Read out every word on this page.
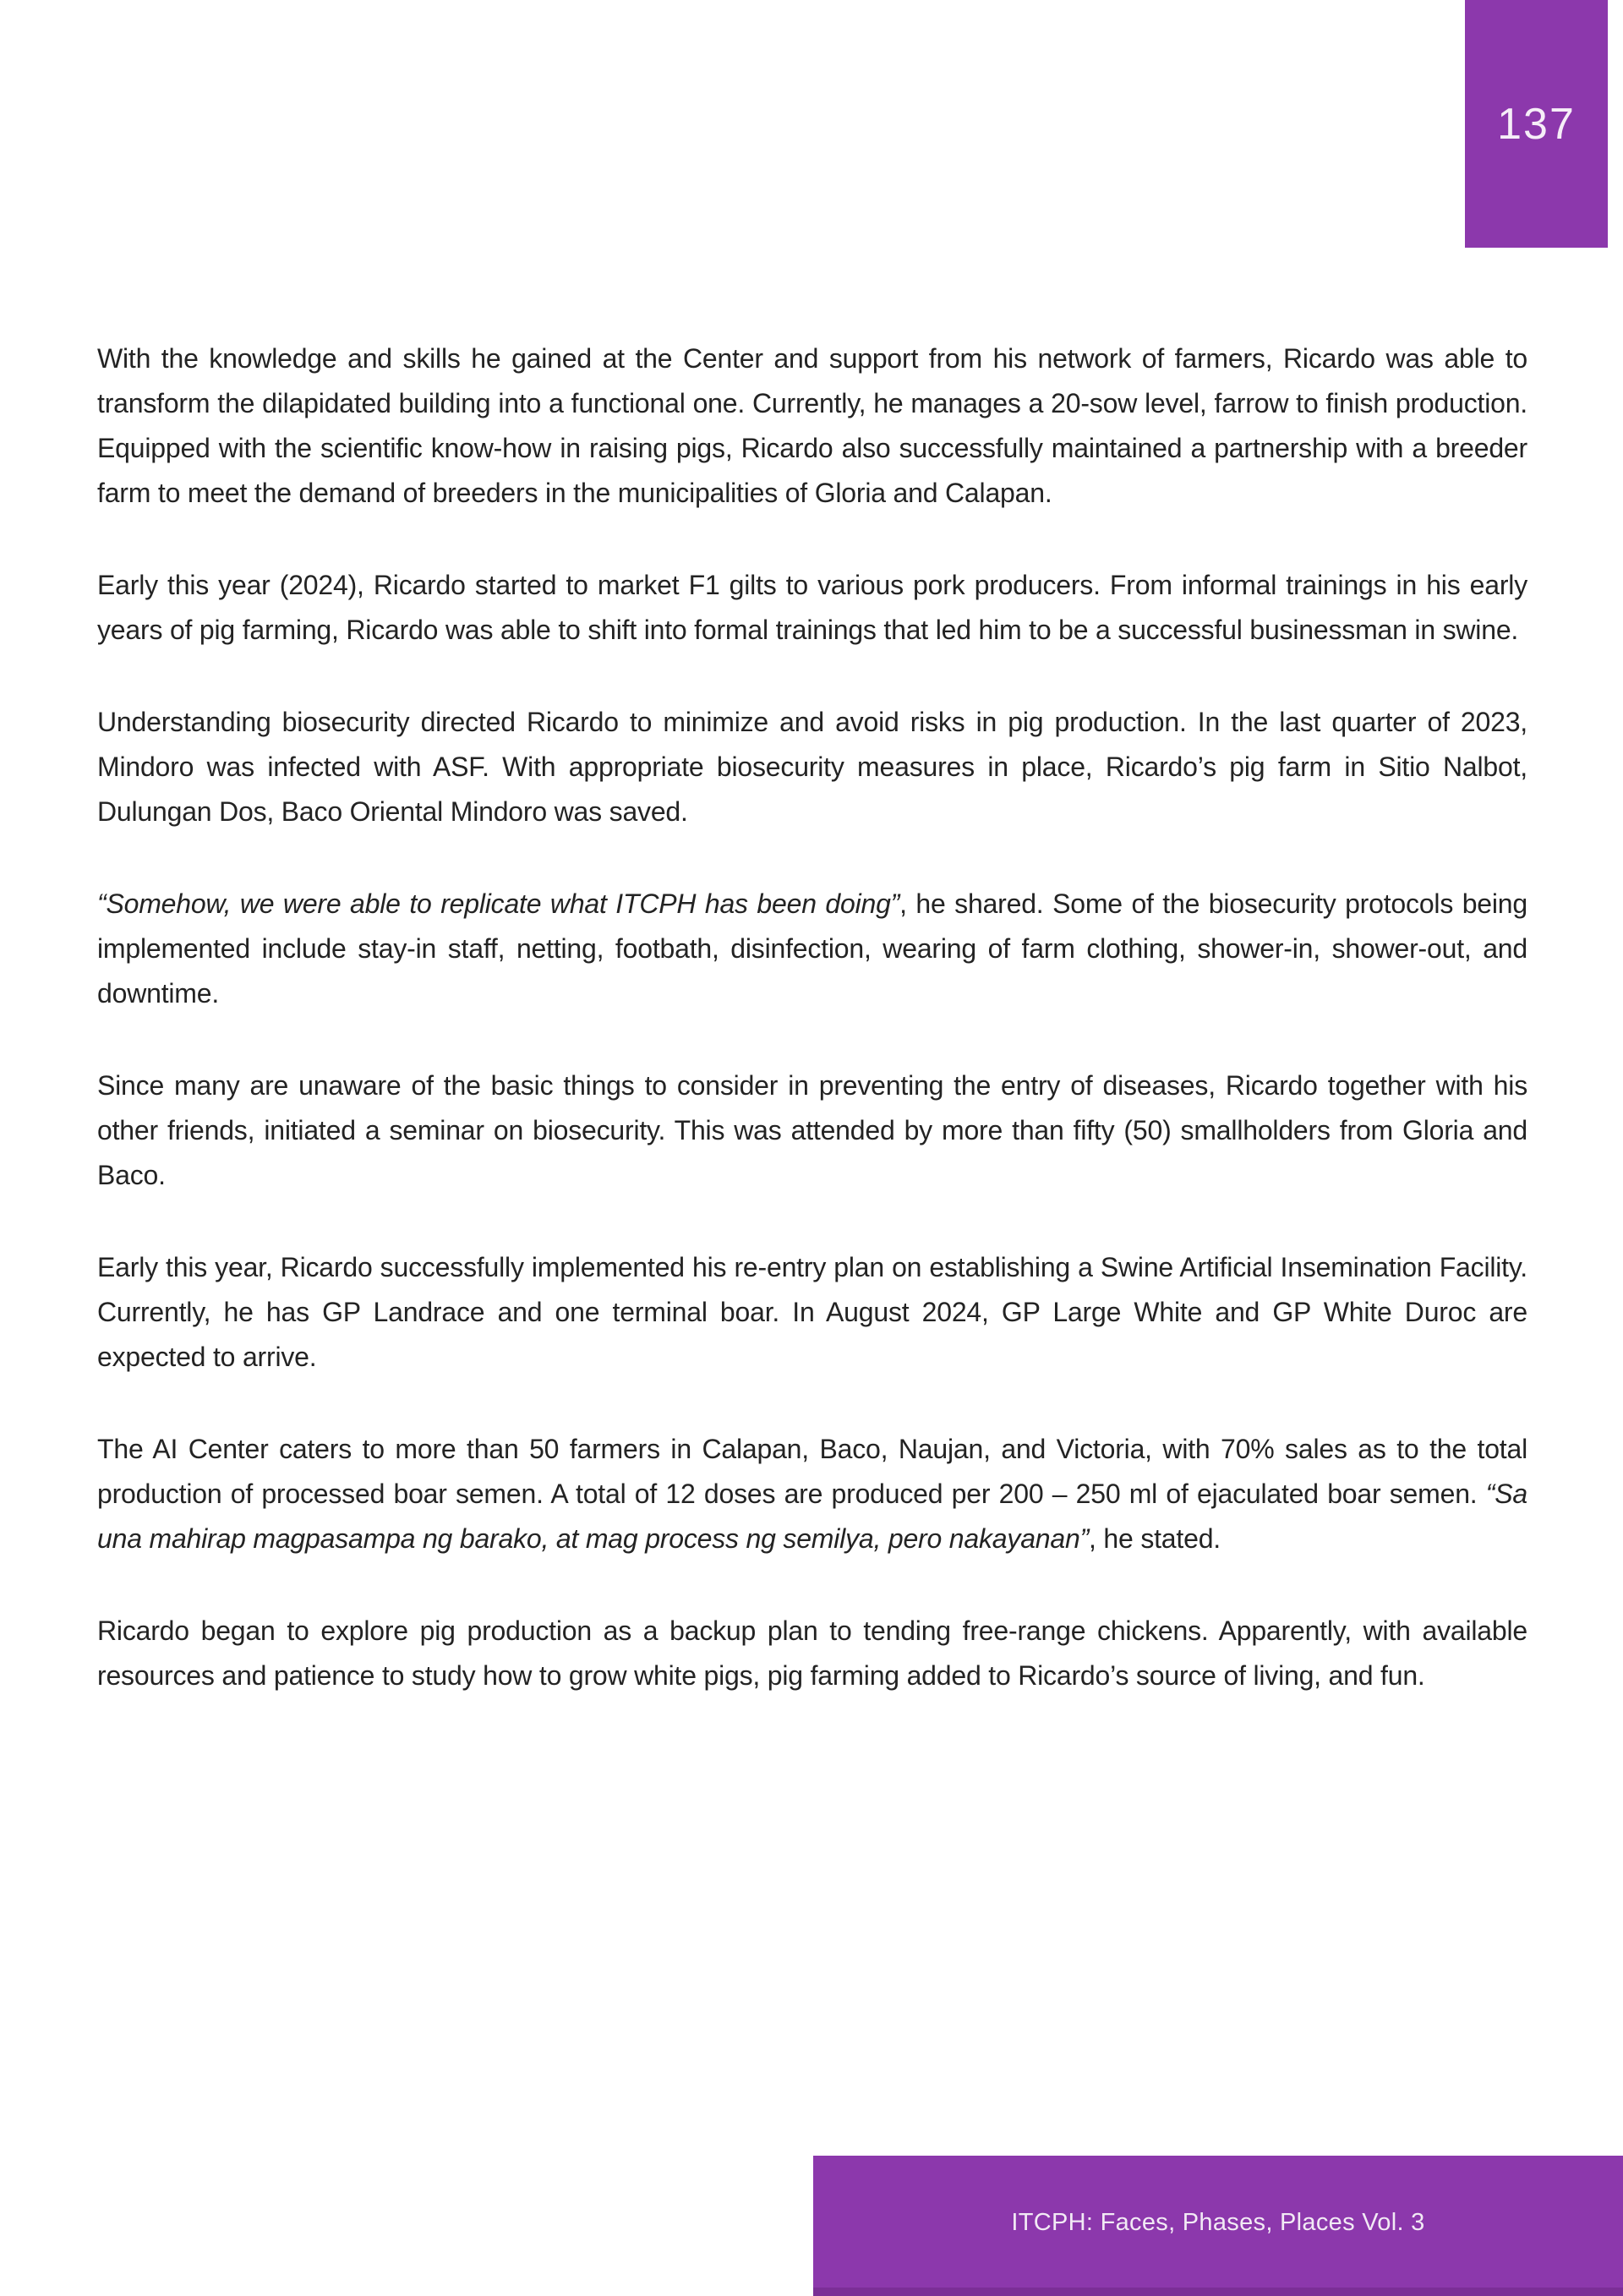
137

With the knowledge and skills he gained at the Center and support from his network of farmers, Ricardo was able to transform the dilapidated building into a functional one. Currently, he manages a 20-sow level, farrow to finish production. Equipped with the scientific know-how in raising pigs, Ricardo also successfully maintained a partnership with a breeder farm to meet the demand of breeders in the municipalities of Gloria and Calapan.

Early this year (2024), Ricardo started to market F1 gilts to various pork producers. From informal trainings in his early years of pig farming, Ricardo was able to shift into formal trainings that led him to be a successful businessman in swine.

Understanding biosecurity directed Ricardo to minimize and avoid risks in pig production. In the last quarter of 2023, Mindoro was infected with ASF. With appropriate biosecurity measures in place, Ricardo’s pig farm in Sitio Nalbot, Dulungan Dos, Baco Oriental Mindoro was saved.

“Somehow, we were able to replicate what ITCPH has been doing”, he shared. Some of the biosecurity protocols being implemented include stay-in staff, netting, footbath, disinfection, wearing of farm clothing, shower-in, shower-out, and downtime.

Since many are unaware of the basic things to consider in preventing the entry of diseases, Ricardo together with his other friends, initiated a seminar on biosecurity. This was attended by more than fifty (50) smallholders from Gloria and Baco.

Early this year, Ricardo successfully implemented his re-entry plan on establishing a Swine Artificial Insemination Facility. Currently, he has GP Landrace and one terminal boar. In August 2024, GP Large White and GP White Duroc are expected to arrive.

The AI Center caters to more than 50 farmers in Calapan, Baco, Naujan, and Victoria, with 70% sales as to the total production of processed boar semen. A total of 12 doses are produced per 200 – 250 ml of ejaculated boar semen. “Sa una mahirap magpasampa ng barako, at mag process ng semilya, pero nakayanan”, he stated.

Ricardo began to explore pig production as a backup plan to tending free-range chickens. Apparently, with available resources and patience to study how to grow white pigs, pig farming added to Ricardo’s source of living, and fun.

ITCPH: Faces, Phases, Places Vol. 3
